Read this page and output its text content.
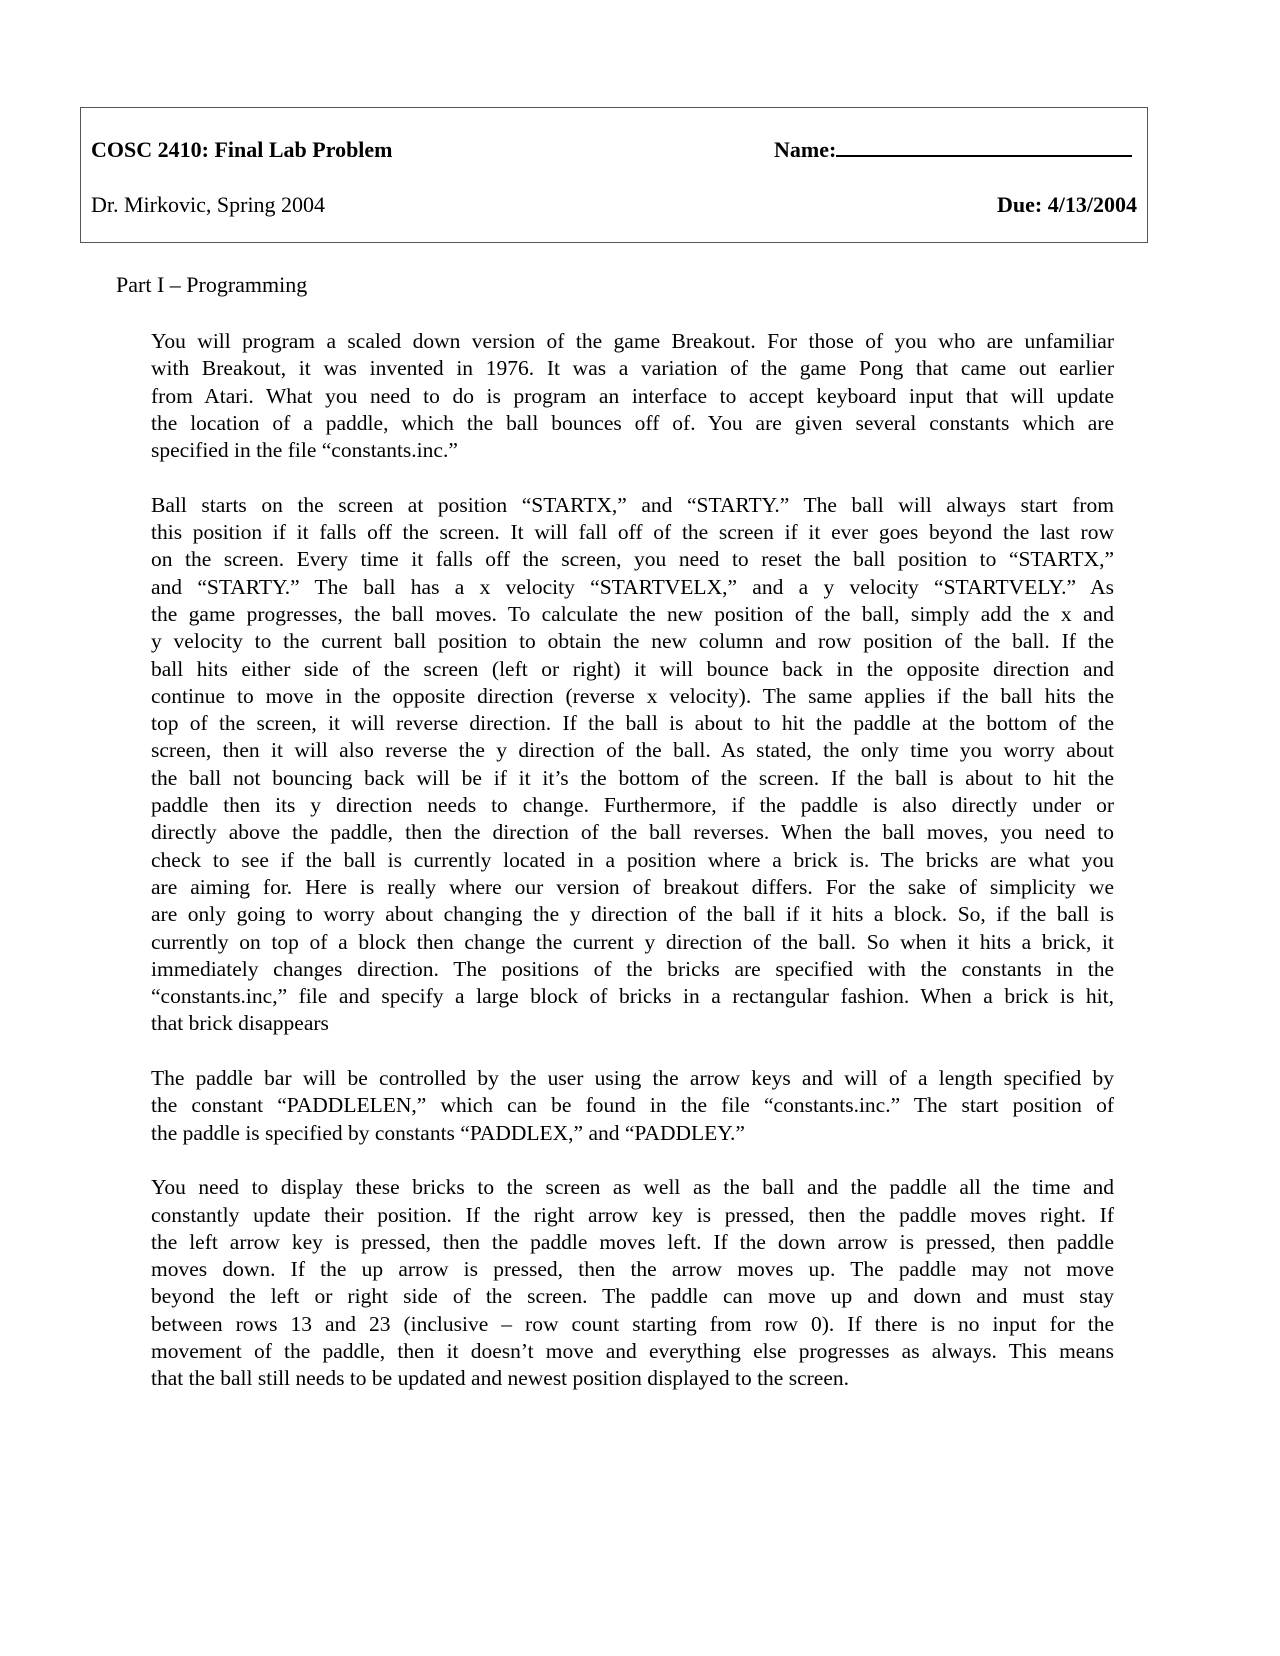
COSC 2410: Final Lab Problem	Name:
Dr. Mirkovic, Spring 2004	Due: 4/13/2004
Part I – Programming
You will program a scaled down version of the game Breakout. For those of you who are unfamiliar
with Breakout, it was invented in 1976. It was a variation of the game Pong that came out earlier
from Atari. What you need to do is program an interface to accept keyboard input that will update
the location of a paddle, which the ball bounces off of. You are given several constants which are
specified in the file “constants.inc.”
Ball starts on the screen at position “STARTX,” and “STARTY.” The ball will always start from
this position if it falls off the screen. It will fall off of the screen if it ever goes beyond the last row
on the screen. Every time it falls off the screen, you need to reset the ball position to “STARTX,”
and “STARTY.” The ball has a x velocity “STARTVELX,” and a y velocity “STARTVELY.” As
the game progresses, the ball moves. To calculate the new position of the ball, simply add the x and
y velocity to the current ball position to obtain the new column and row position of the ball. If the
ball hits either side of the screen (left or right) it will bounce back in the opposite direction and
continue to move in the opposite direction (reverse x velocity). The same applies if the ball hits the
top of the screen, it will reverse direction. If the ball is about to hit the paddle at the bottom of the
screen, then it will also reverse the y direction of the ball. As stated, the only time you worry about
the ball not bouncing back will be if it it’s the bottom of the screen. If the ball is about to hit the
paddle then its y direction needs to change. Furthermore, if the paddle is also directly under or
directly above the paddle, then the direction of the ball reverses. When the ball moves, you need to
check to see if the ball is currently located in a position where a brick is. The bricks are what you
are aiming for. Here is really where our version of breakout differs. For the sake of simplicity we
are only going to worry about changing the y direction of the ball if it hits a block. So, if the ball is
currently on top of a block then change the current y direction of the ball. So when it hits a brick, it
immediately changes direction. The positions of the bricks are specified with the constants in the
“constants.inc,” file and specify a large block of bricks in a rectangular fashion. When a brick is hit,
that brick disappears
The paddle bar will be controlled by the user using the arrow keys and will of a length specified by
the constant “PADDLELEN,” which can be found in the file “constants.inc.” The start position of
the paddle is specified by constants “PADDLEX,” and “PADDLEY.”
You need to display these bricks to the screen as well as the ball and the paddle all the time and
constantly update their position. If the right arrow key is pressed, then the paddle moves right. If
the left arrow key is pressed, then the paddle moves left. If the down arrow is pressed, then paddle
moves down. If the up arrow is pressed, then the arrow moves up. The paddle may not move
beyond the left or right side of the screen. The paddle can move up and down and must stay
between rows 13 and 23 (inclusive – row count starting from row 0). If there is no input for the
movement of the paddle, then it doesn’t move and everything else progresses as always. This means
that the ball still needs to be updated and newest position displayed to the screen.
